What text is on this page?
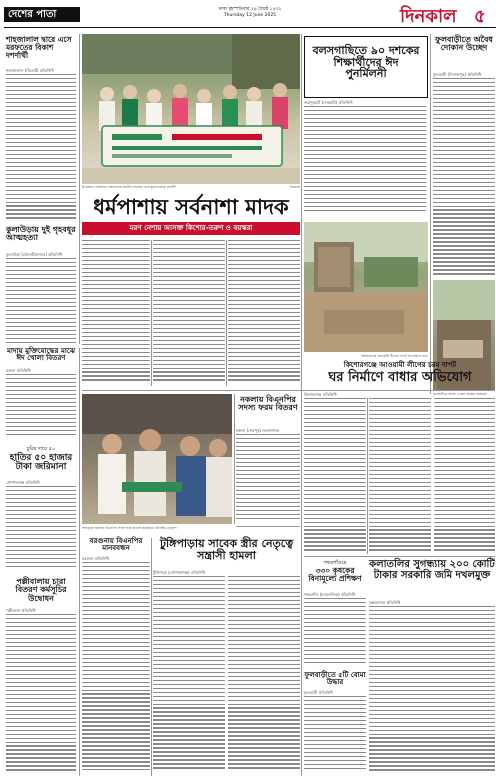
দেশের পাতা	ঢাকা বৃহস্পতিবার ২৯ জ্যৈষ্ঠ ১৪৩২
Thursday 12 June 2025	দিনকাল ৫
শাহজালাল দ্বারে এসে মরফতের বিকাশ দশর্ণার্থী
শাহজালাল (সিলেট) প্রতিনিধি
উপজেলা পরিষদের পরিচালনায় জাতীয় ব্যাজের পাশে মুদ্রণসংক্রান্ত প্রদর্শনী
বলসগাছিতে ৯০ দশকের শিক্ষার্থীদের ঈদ পুনর্মিলনী
জয়পুরহাট (দেবহাটা) প্রতিনিধি
ফুলবাড়ীতে অবৈধ দোকান উচ্ছেদ
ফুলবাড়ী (দিনাজপুর) প্রতিনিধি
ধর্মপাশায় সর্বনাশা মাদক
মরণ নেশায় আসক্ত কিশোর-তরুণ ও বয়স্করা
কুলাউড়ায় দুই গৃহবধূর আত্মহত্যা
কুলাউড়া (মৌলভীবাজার) প্রতিনিধি
মাদায় মুক্তিযোদ্ধের মাঝে ঈদ খোলা বিতরণ
বরুড়া প্রতিনিধি
চুরির দায়ে ৫০
হাতির ৫০ হাজার টাকা জরিমানা
গোপালগঞ্জ প্রতিনিধি
পল্লীবালায় চারা বিতরণ কর্মসূচির উদ্বোধন
পল্লীবালা প্রতিনিধি
ফুলবাড়ীতে অবৈধ দোকান উচ্ছেদ অভিযান
কিশোরগঞ্জে আওয়ামী লীগের দাপটে ঘর নির্মাণে বাধা
কিশোরগঞ্জে আওয়ামী লীগের চরম দাপট
ঘর নির্মাণে বাধার অভিযোগ
কিশোরগঞ্জ প্রতিনিধি
শেরপুরের নকলায় বিএনপির সদস্য ফরম বিতরণ কর্মসূচিতে উপস্থিত নেতৃবৃন্দ
নকলায় বিএনপির সদস্য ফরম বিতরণ
নকলা (শেরপুর) সংবাদদাতা
বরগুনায় বিএনপির মানববন্ধন
বরগুনা প্রতিনিধি
টুঙ্গিপাড়ায় সাবেক স্ত্রীর নেতৃত্বে সন্ত্রাসী হামলা
টুঙ্গিপাড়া (গোপালগঞ্জ) প্রতিনিধি
গফরগাঁওয়ে
৩৩০ কৃষকের বিনামূল্যে প্রশিক্ষণ
গফরগাঁও (ময়মনসিংহ) প্রতিনিধি
ফুলবাড়ীতে ৫টি বোমা উদ্ধার
ফুলবাড়ী প্রতিনিধি
কলাতলির সুগন্ধ্যায় ২০০ কোটি টাকার সরকারি জমি দখলমুক্ত
কক্সবাজার প্রতিনিধি
দিনকাল
